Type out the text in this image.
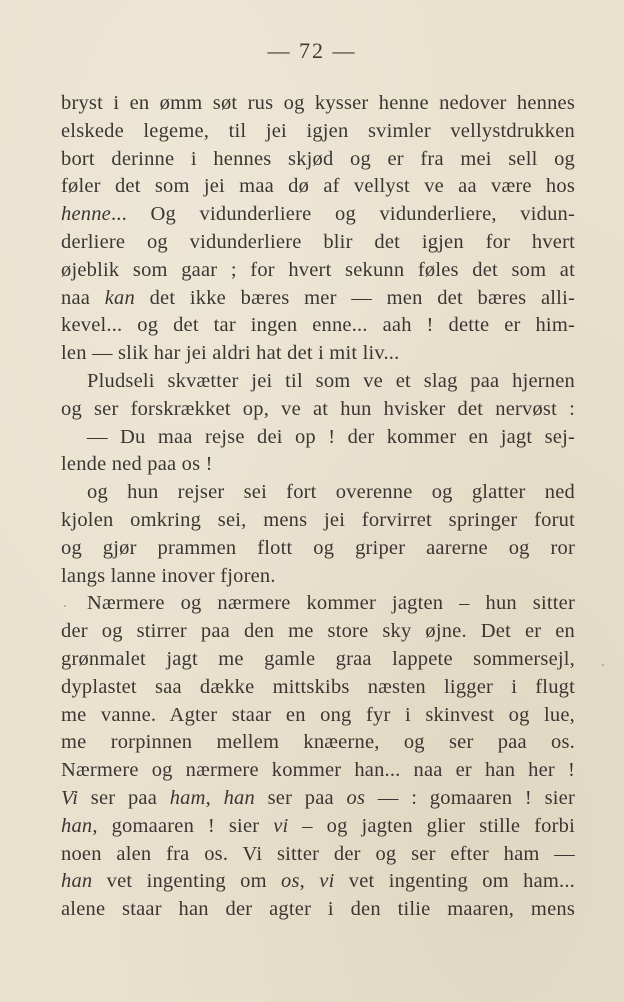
— 72 —
bryst i en ømm søt rus og kysser henne nedover hennes
elskede legeme, til jei igjen svimler vellystdrukken
bort derinne i hennes skjød og er fra mei sell og
føler det som jei maa dø af vellyst ve aa være hos
henne... Og vidunderliere og vidunderliere, vidun-
derliere og vidunderliere blir det igjen for hvert
øjeblik som gaar ; for hvert sekunn føles det som at
naa kan det ikke bæres mer — men det bæres alli-
kevel... og det tar ingen enne... aah ! dette er him-
len — slik har jei aldri hat det i mit liv...
Pludseli skvætter jei til som ve et slag paa hjernen
og ser forskrækket op, ve at hun hvisker det nervøst :
— Du maa rejse dei op ! der kommer en jagt sej-
lende ned paa os !
og hun rejser sei fort overenne og glatter ned
kjolen omkring sei, mens jei forvirret springer forut
og gjør prammen flott og griper aarerne og ror
langs lanne inover fjoren.
Nærmere og nærmere kommer jagten – hun sitter
der og stirrer paa den me store sky øjne. Det er en
grønmalet jagt me gamle graa lappete sommersejl,
dyplastet saa dække mittskibs næsten ligger i flugt
me vanne. Agter staar en ong fyr i skinvest og lue,
me rorpinnen mellem knæerne, og ser paa os.
Nærmere og nærmere kommer han... naa er han her !
Vi ser paa ham, han ser paa os — : gomaaren ! sier
han, gomaaren ! sier vi – og jagten glier stille forbi
noen alen fra os. Vi sitter der og ser efter ham —
han vet ingenting om os, vi vet ingenting om ham...
alene staar han der agter i den tilie maaren, mens
